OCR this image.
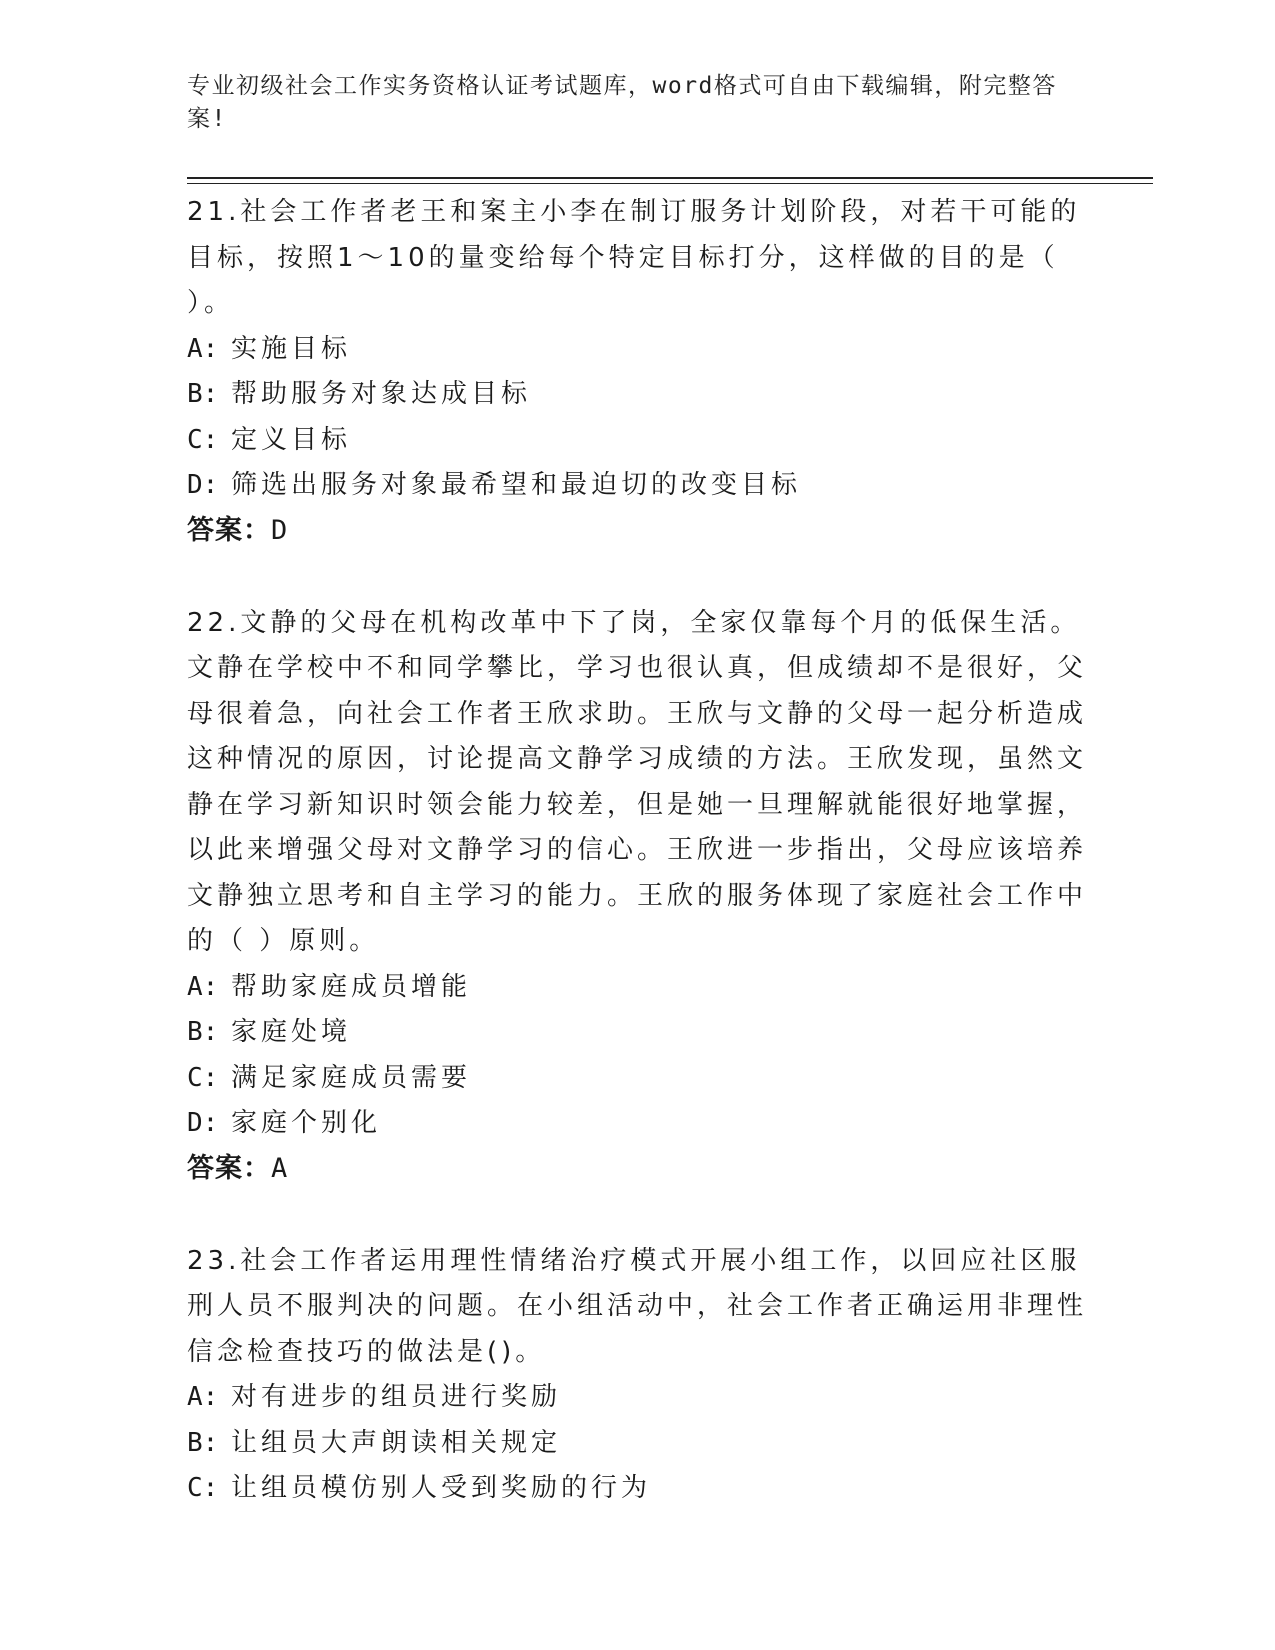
专业初级社会工作实务资格认证考试题库，word格式可自由下载编辑，附完整答案!

21.社会工作者老王和案主小李在制订服务计划阶段，对若干可能的目标，按照1～10的量变给每个特定目标打分，这样做的目的是（ ）。

A: 实施目标

B: 帮助服务对象达成目标

C: 定义目标

D: 筛选出服务对象最希望和最迫切的改变目标

答案：D

22.文静的父母在机构改革中下了岗，全家仅靠每个月的低保生活。文静在学校中不和同学攀比，学习也很认真，但成绩却不是很好，父母很着急，向社会工作者王欣求助。王欣与文静的父母一起分析造成这种情况的原因，讨论提高文静学习成绩的方法。王欣发现，虽然文静在学习新知识时领会能力较差，但是她一旦理解就能很好地掌握，以此来增强父母对文静学习的信心。王欣进一步指出，父母应该培养文静独立思考和自主学习的能力。王欣的服务体现了家庭社会工作中的（ ）原则。

A: 帮助家庭成员增能

B: 家庭处境

C: 满足家庭成员需要

D: 家庭个别化

答案：A

23.社会工作者运用理性情绪治疗模式开展小组工作，以回应社区服刑人员不服判决的问题。在小组活动中，社会工作者正确运用非理性信念检查技巧的做法是()。

A: 对有进步的组员进行奖励

B: 让组员大声朗读相关规定

C: 让组员模仿别人受到奖励的行为
